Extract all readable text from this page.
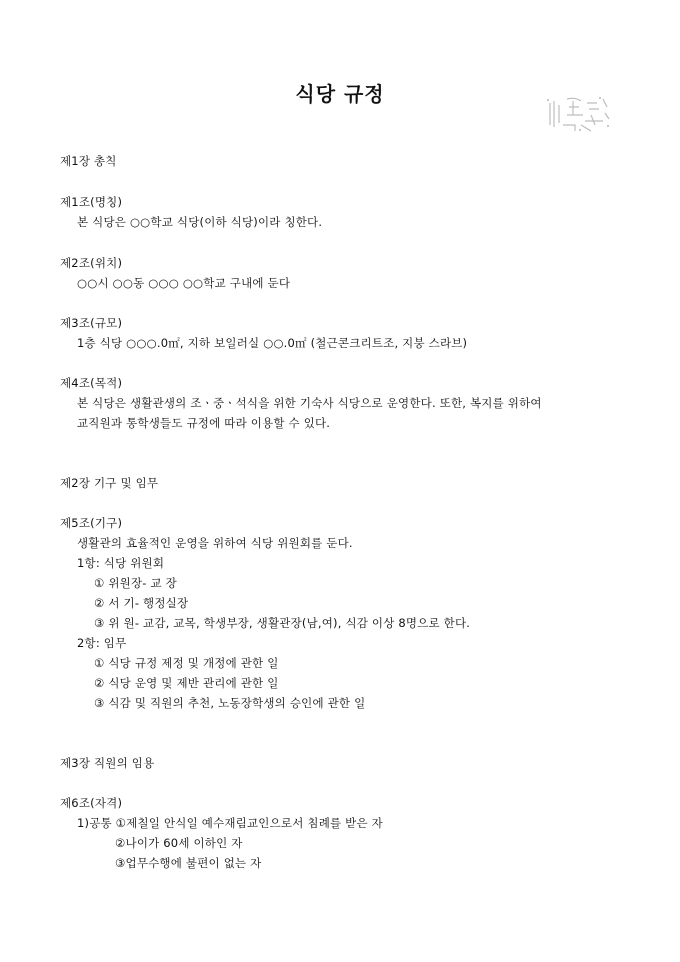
식당 규정
제1장 총칙
제1조(명칭)
본 식당은 ○○학교 식당(이하 식당)이라 칭한다.
제2조(위치)
○○시 ○○동 ○○○ ○○학교 구내에 둔다
제3조(규모)
1층 식당 ○○○.0㎡, 지하 보일러실 ○○.0㎡ (철근콘크리트조, 지붕 스라브)
제4조(목적)
본 식당은 생활관생의 조ㆍ중ㆍ석식을 위한 기숙사 식당으로 운영한다. 또한, 복지를 위하여
교직원과 통학생들도 규정에 따라 이용할 수 있다.
제2장 기구 및 임무
제5조(기구)
생활관의 효율적인 운영을 위하여 식당 위원회를 둔다.
1항: 식당 위원회
① 위원장- 교 장
② 서 기- 행정실장
③ 위 원- 교감, 교목, 학생부장, 생활관장(남,여), 식감 이상 8명으로 한다.
2항: 임무
① 식당 규정 제정 및 개정에 관한 일
② 식당 운영 및 제반 관리에 관한 일
③ 식감 및 직원의 추천, 노동장학생의 승인에 관한 일
제3장 직원의 임용
제6조(자격)
1)공통 ①제칠일 안식일 예수재림교인으로서 침례를 받은 자
②나이가 60세 이하인 자
③업무수행에 불편이 없는 자
